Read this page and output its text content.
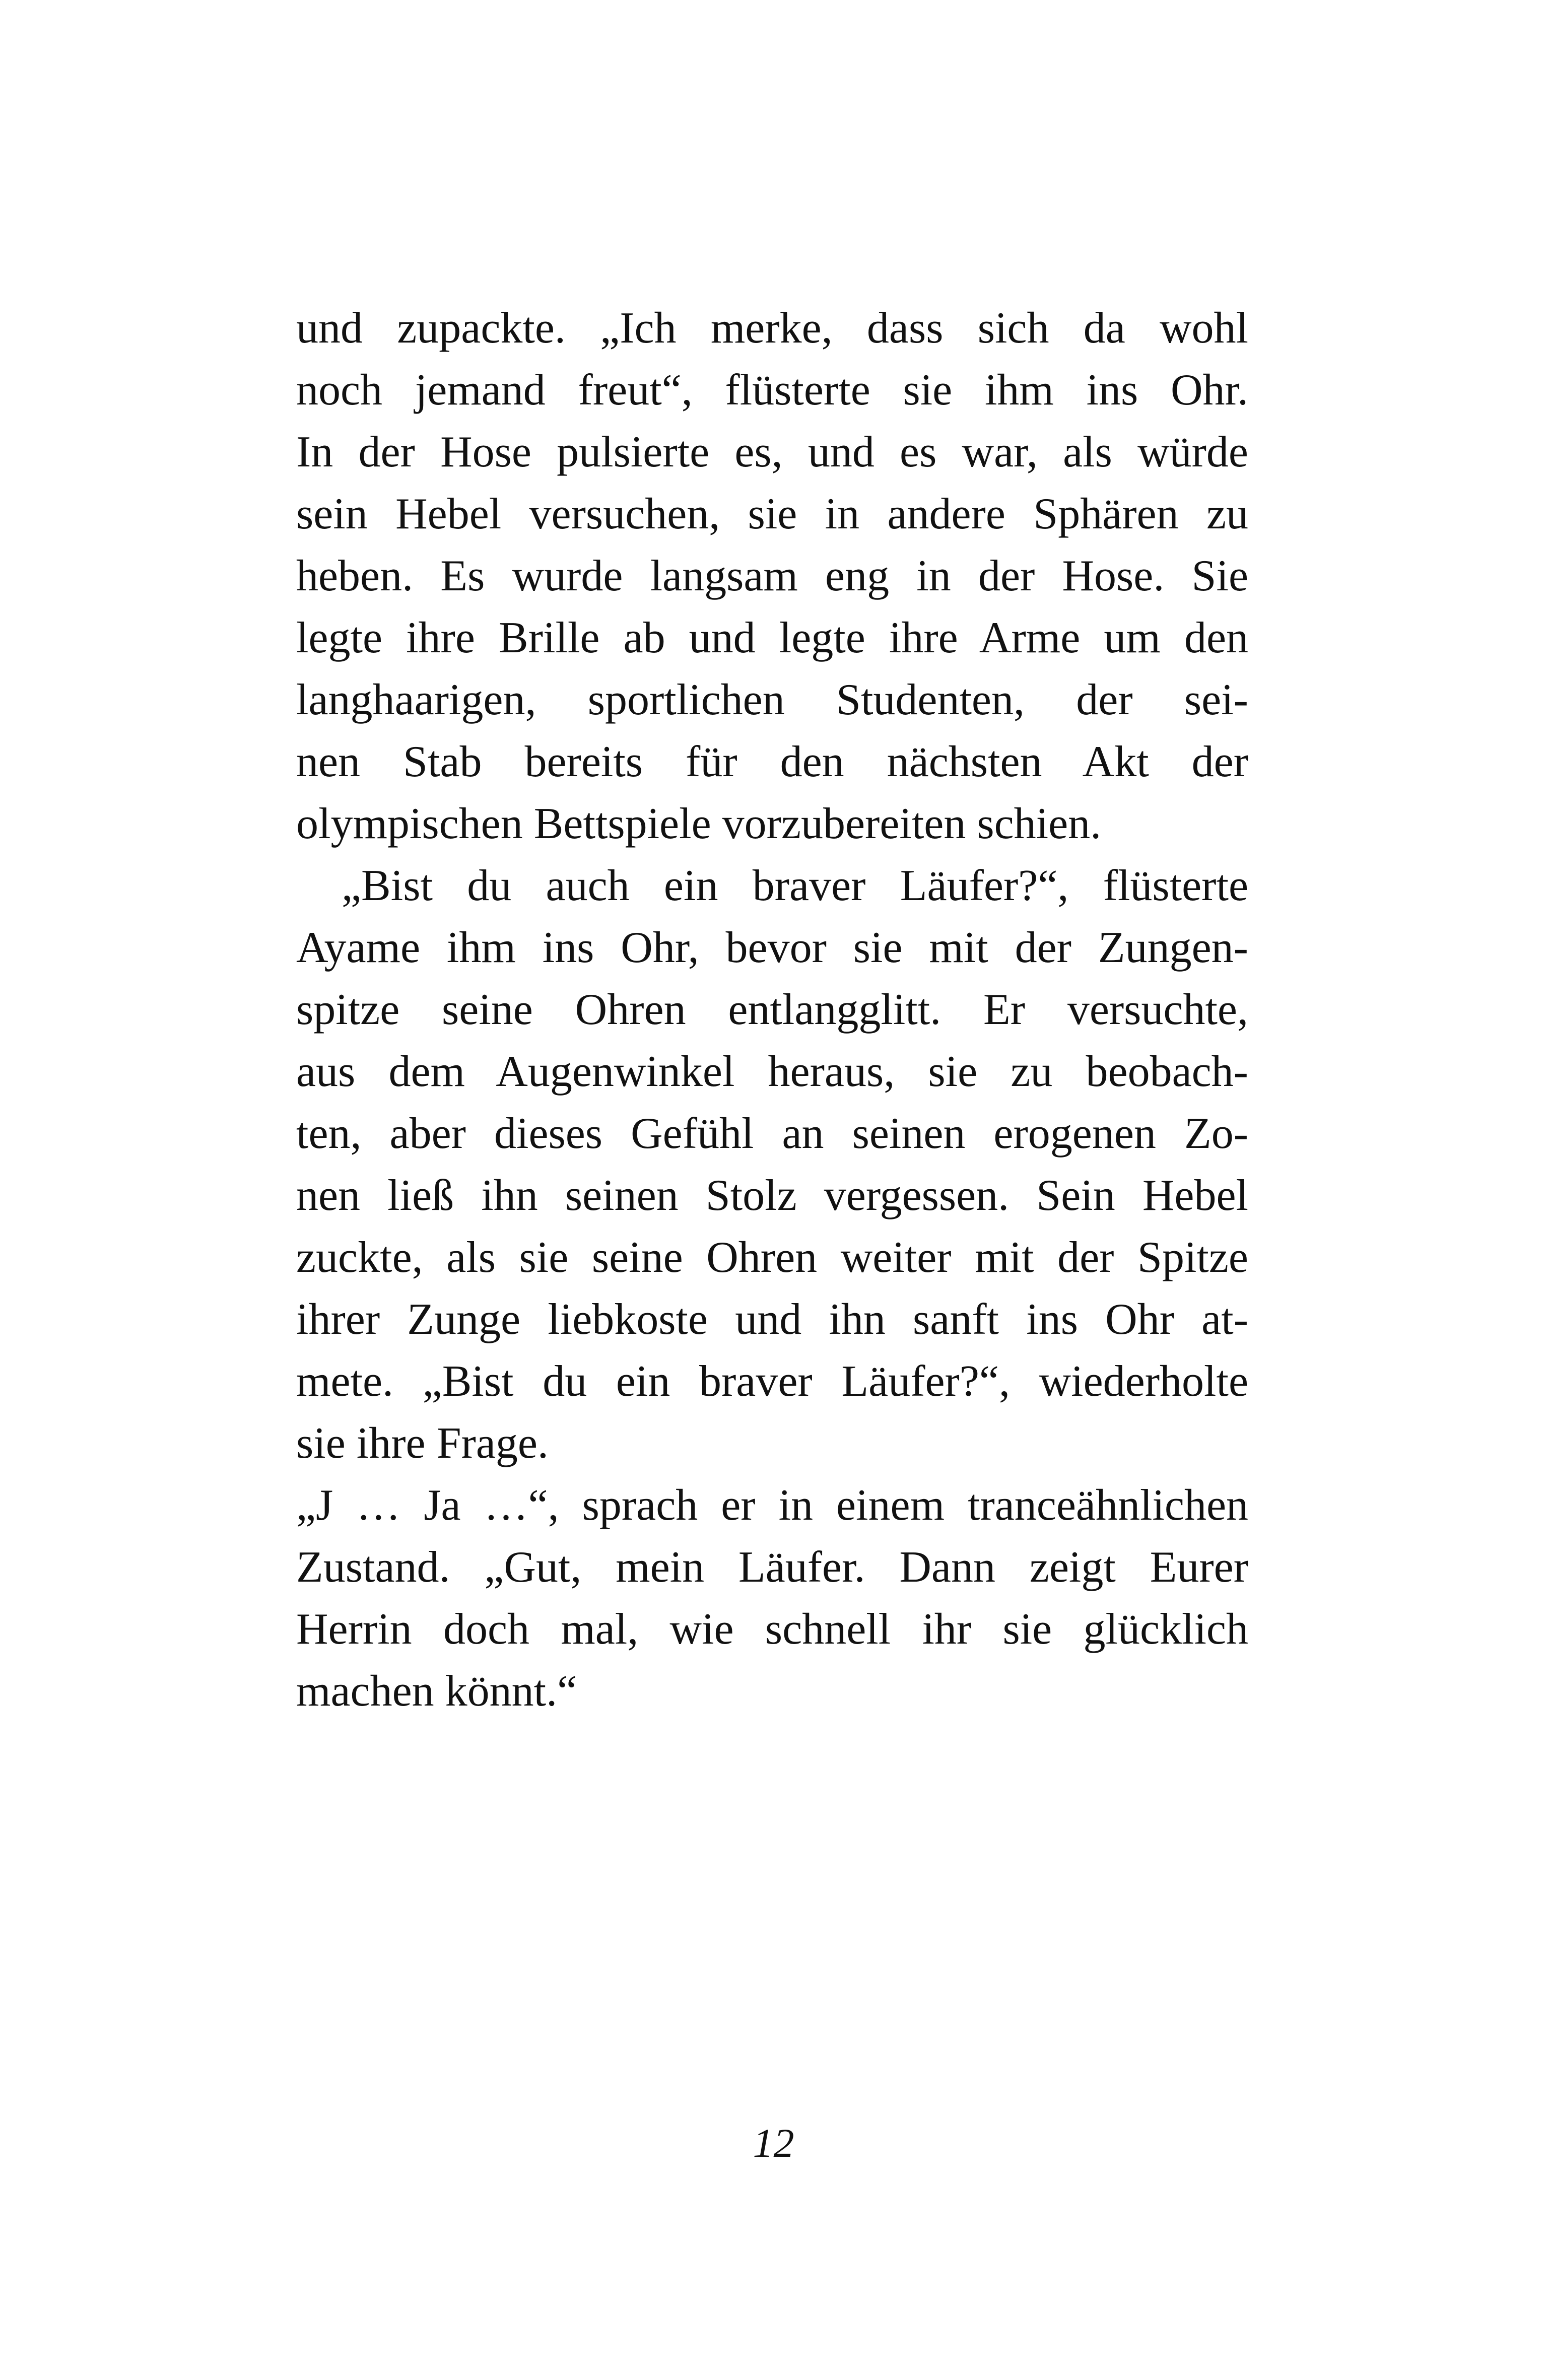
und zupackte. „Ich merke, dass sich da wohl
noch jemand freut“, flüsterte sie ihm ins Ohr.
In der Hose pulsierte es, und es war, als würde
sein Hebel versuchen, sie in andere Sphären zu
heben. Es wurde langsam eng in der Hose. Sie
legte ihre Brille ab und legte ihre Arme um den
langhaarigen, sportlichen Studenten, der sei-
nen Stab bereits für den nächsten Akt der
olympischen Bettspiele vorzubereiten schien.
„Bist du auch ein braver Läufer?“, flüsterte
Ayame ihm ins Ohr, bevor sie mit der Zungen-
spitze seine Ohren entlangglitt. Er versuchte,
aus dem Augenwinkel heraus, sie zu beobach-
ten, aber dieses Gefühl an seinen erogenen Zo-
nen ließ ihn seinen Stolz vergessen. Sein Hebel
zuckte, als sie seine Ohren weiter mit der Spitze
ihrer Zunge liebkoste und ihn sanft ins Ohr at-
mete. „Bist du ein braver Läufer?“, wiederholte
sie ihre Frage.
„J … Ja …“, sprach er in einem tranceähnlichen
Zustand. „Gut, mein Läufer. Dann zeigt Eurer
Herrin doch mal, wie schnell ihr sie glücklich
machen könnt.“
12
